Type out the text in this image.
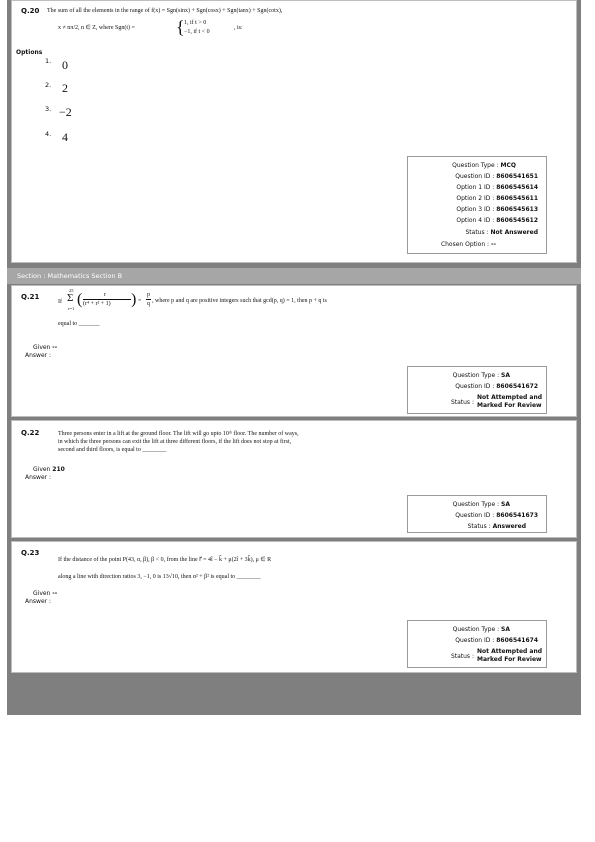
Q.20 The sum of all the elements in the range of f(x) = Sgn(sinx) + Sgn(cosx) + Sgn(tanx) + Sgn(cotx),
x ≠ nπ/2, n ∈ Z, where Sgn(t) = { 1, if t > 0
−1, if t < 0
, is:
Options
1. 0
2. 2
3. −2
4. 4
Question Type : MCQ
Question ID : 8606541651
Option 1 ID : 8606545614
Option 2 ID : 8606545611
Option 3 ID : 8606545613
Option 4 ID : 8606545612
Status : Not Answered
Chosen Option : --
Section : Mathematics Section B
Q.21
If
25
Σ
r=1
(	r
(r⁴ + r² + 1) ) =
p
q , where p and q are positive integers such that gcd(p, q) = 1, then p + q is
equal to _______
Given --
Answer :
Question Type : SA
Question ID : 8606541672
Status :
Not Attempted and
Marked For Review
Q.22	Three persons enter in a lift at the ground floor. The lift will go upto 10ᵗʰ floor. The number of ways,
in which the three persons can exit the lift at three different floors, if the lift does not stop at first,
second and third floors, is equal to ________
Given 210
Answer :
Question Type : SA
Question ID : 8606541673
Status : Answered
Q.23
If the distance of the point P(43, α, β), β < 0, from the line r⃗ = 4î − k̂ + μ(2î + 3k̂), μ ∈ R
along a line with direction ratios 3, −1, 0 is 13√10, then α² + β² is equal to ________
Given --
Answer :
Question Type : SA
Question ID : 8606541674
Status :
Not Attempted and
Marked For Review
